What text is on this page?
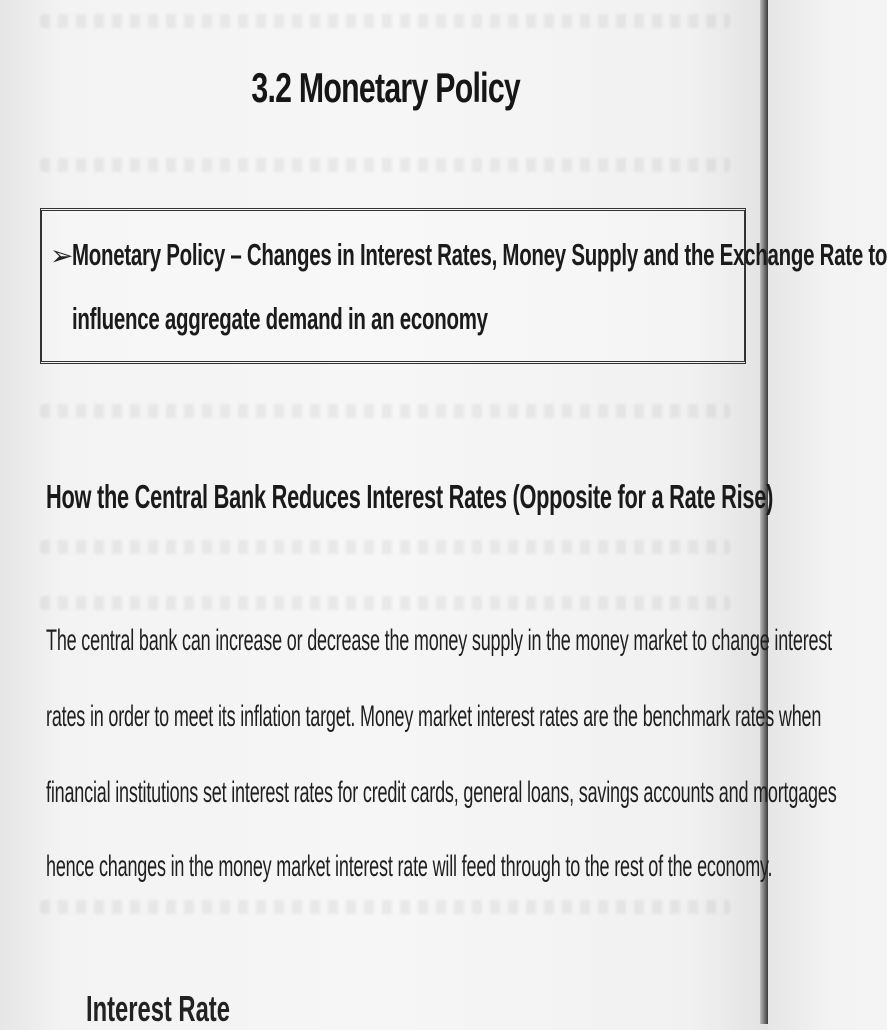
3.2 Monetary Policy
➢
Monetary Policy – Changes in Interest Rates, Money Supply and the Exchange Rate to
influence aggregate demand in an economy
How the Central Bank Reduces Interest Rates (Opposite for a Rate Rise)
The central bank can increase or decrease the money supply in the money market to change interest
rates in order to meet its inflation target. Money market interest rates are the benchmark rates when
financial institutions set interest rates for credit cards, general loans, savings accounts and mortgages
hence changes in the money market interest rate will feed through to the rest of the economy.
Interest Rate
